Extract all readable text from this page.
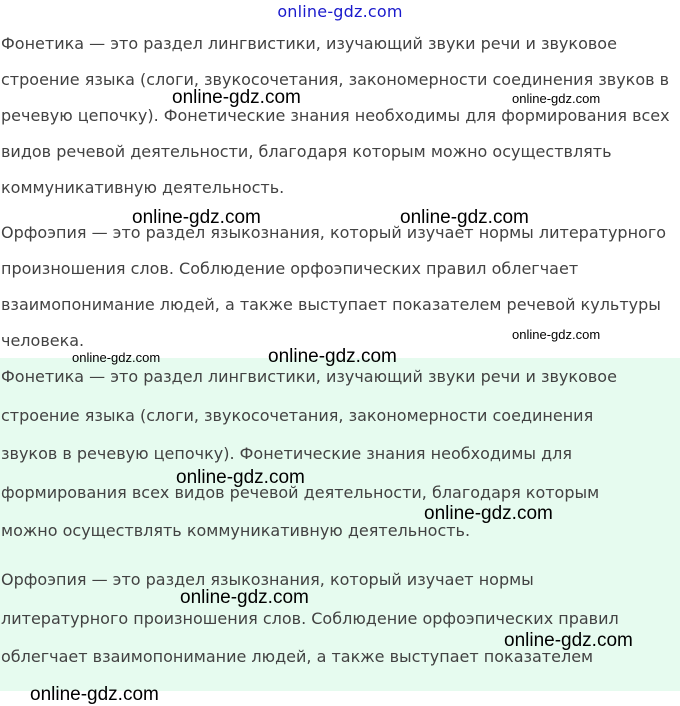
online-gdz.com

Фонетика — это раздел лингвистики, изучающий звуки речи и звуковое
строение языка (слоги, звукосочетания, закономерности соединения звуков в
речевую цепочку). Фонетические знания необходимы для формирования всех
видов речевой деятельности, благодаря которым можно осуществлять
коммуникативную деятельность.

Орфоэпия — это раздел языкознания, который изучает нормы литературного
произношения слов. Соблюдение орфоэпических правил облегчает
взаимопонимание людей, а также выступает показателем речевой культуры
человека.

Фонетика — это раздел лингвистики, изучающий звуки речи и звуковое
строение языка (слоги, звукосочетания, закономерности соединения
звуков в речевую цепочку). Фонетические знания необходимы для
формирования всех видов речевой деятельности, благодаря которым
можно осуществлять коммуникативную деятельность.

Орфоэпия — это раздел языкознания, который изучает нормы
литературного произношения слов. Соблюдение орфоэпических правил
облегчает взаимопонимание людей, а также выступает показателем

online-gdz.com	online-gdz.com
online-gdz.com	online-gdz.com
online-gdz.com
online-gdz.com	online-gdz.com
online-gdz.com
online-gdz.com
online-gdz.com
online-gdz.com
online-gdz.com
